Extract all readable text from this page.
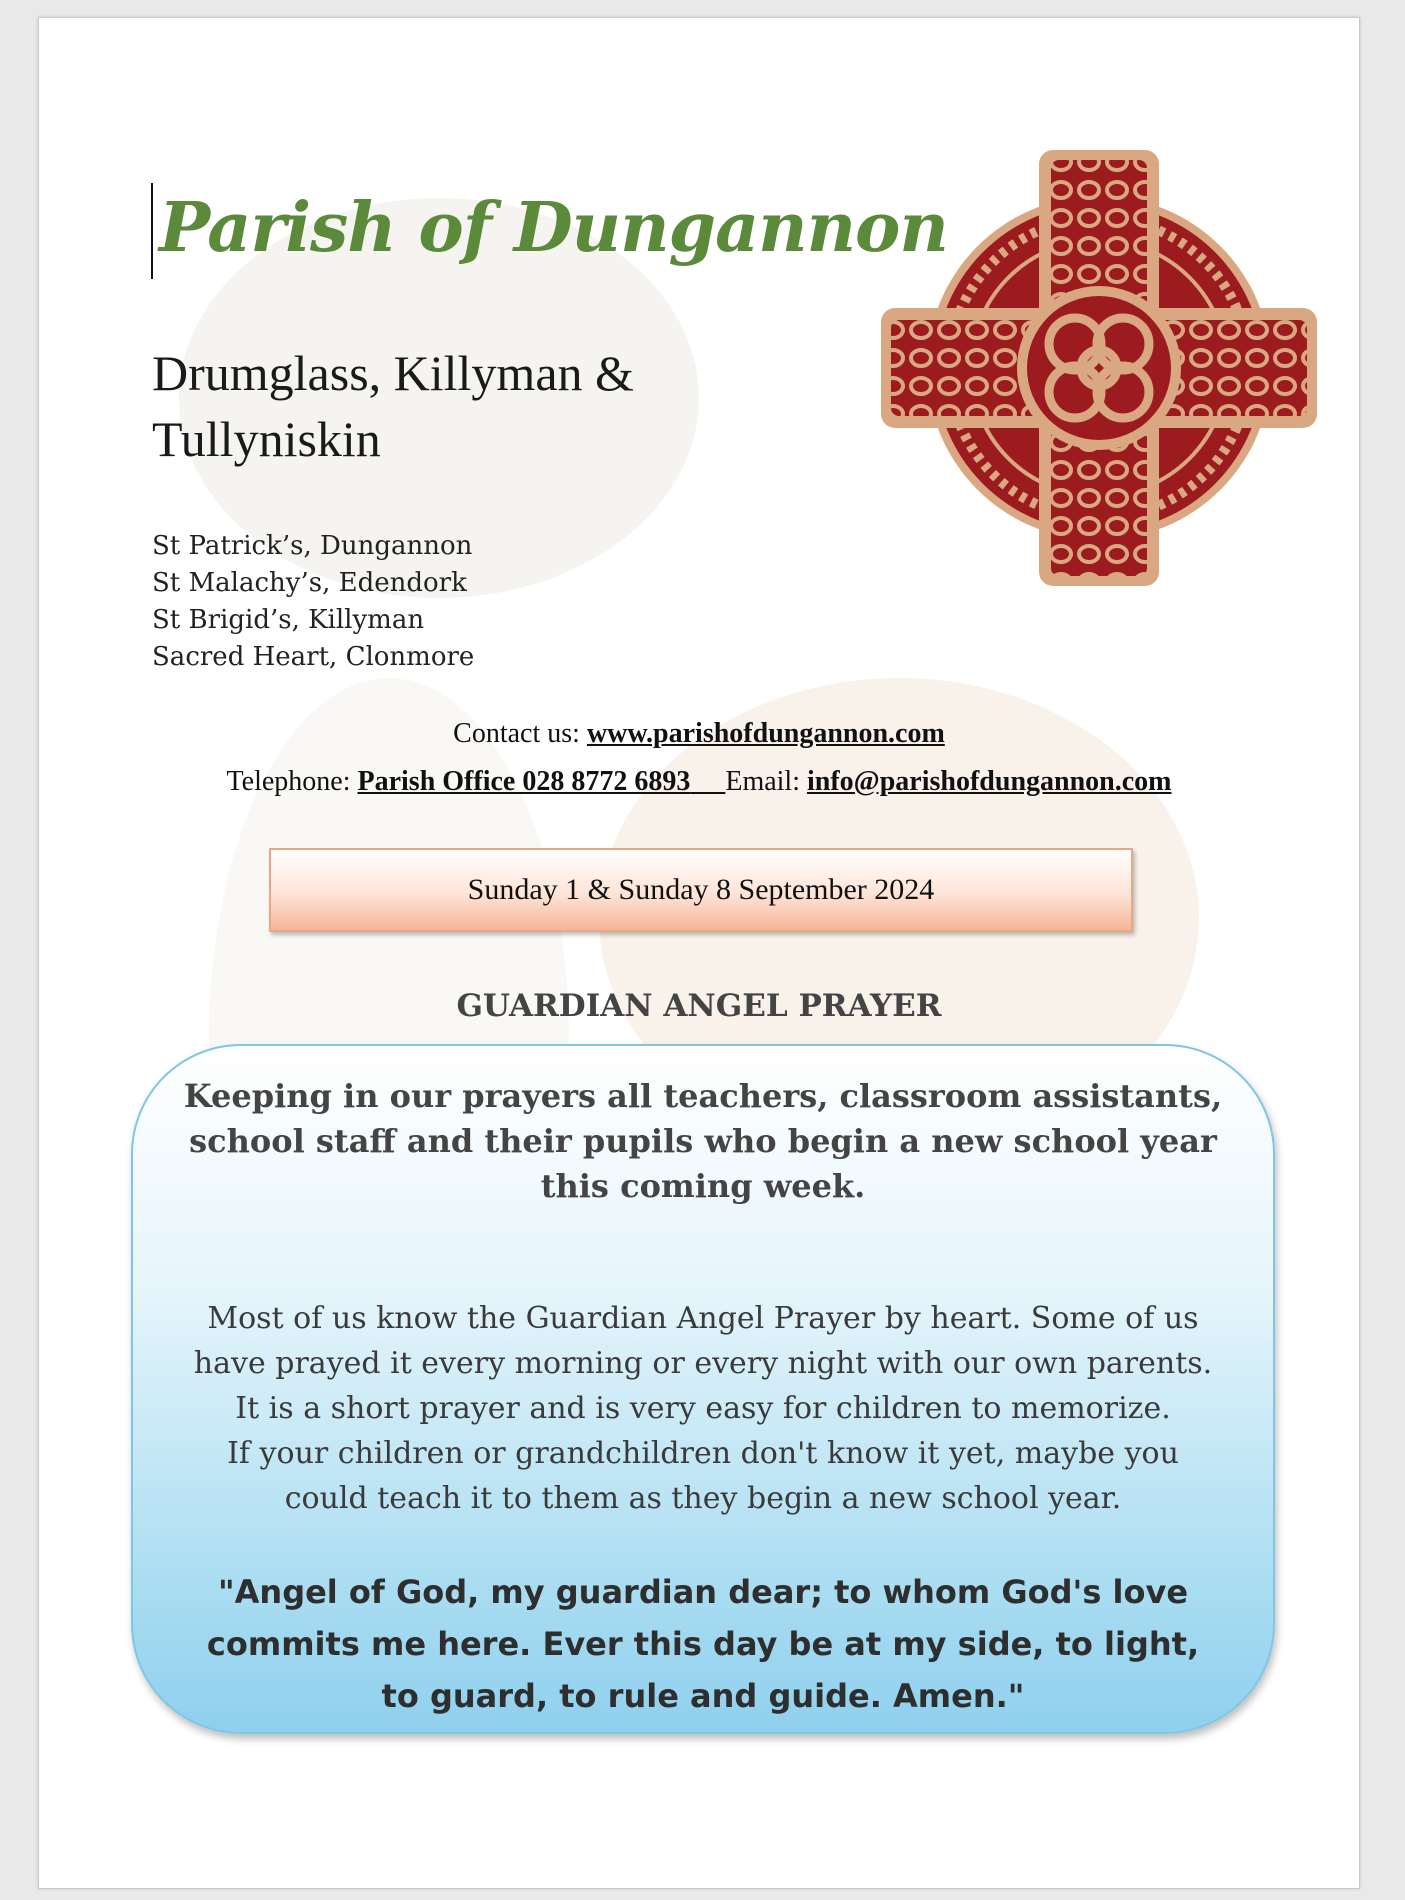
Parish of Dungannon
Drumglass, Killyman &
Tullyniskin
St Patrick’s, Dungannon
St Malachy’s, Edendork
St Brigid’s, Killyman
Sacred Heart, Clonmore
Contact us: www.parishofdungannon.com
Telephone: Parish Office 028 8772 6893 Email: info@parishofdungannon.com
Sunday 1 & Sunday 8 September 2024
GUARDIAN ANGEL PRAYER
Keeping in our prayers all teachers, classroom assistants,
school staff and their pupils who begin a new school year
this coming week.
Most of us know the Guardian Angel Prayer by heart. Some of us
have prayed it every morning or every night with our own parents.
It is a short prayer and is very easy for children to memorize.
If your children or grandchildren don't know it yet, maybe you
could teach it to them as they begin a new school year.
"Angel of God, my guardian dear; to whom God's love
commits me here. Ever this day be at my side, to light,
to guard, to rule and guide. Amen."
